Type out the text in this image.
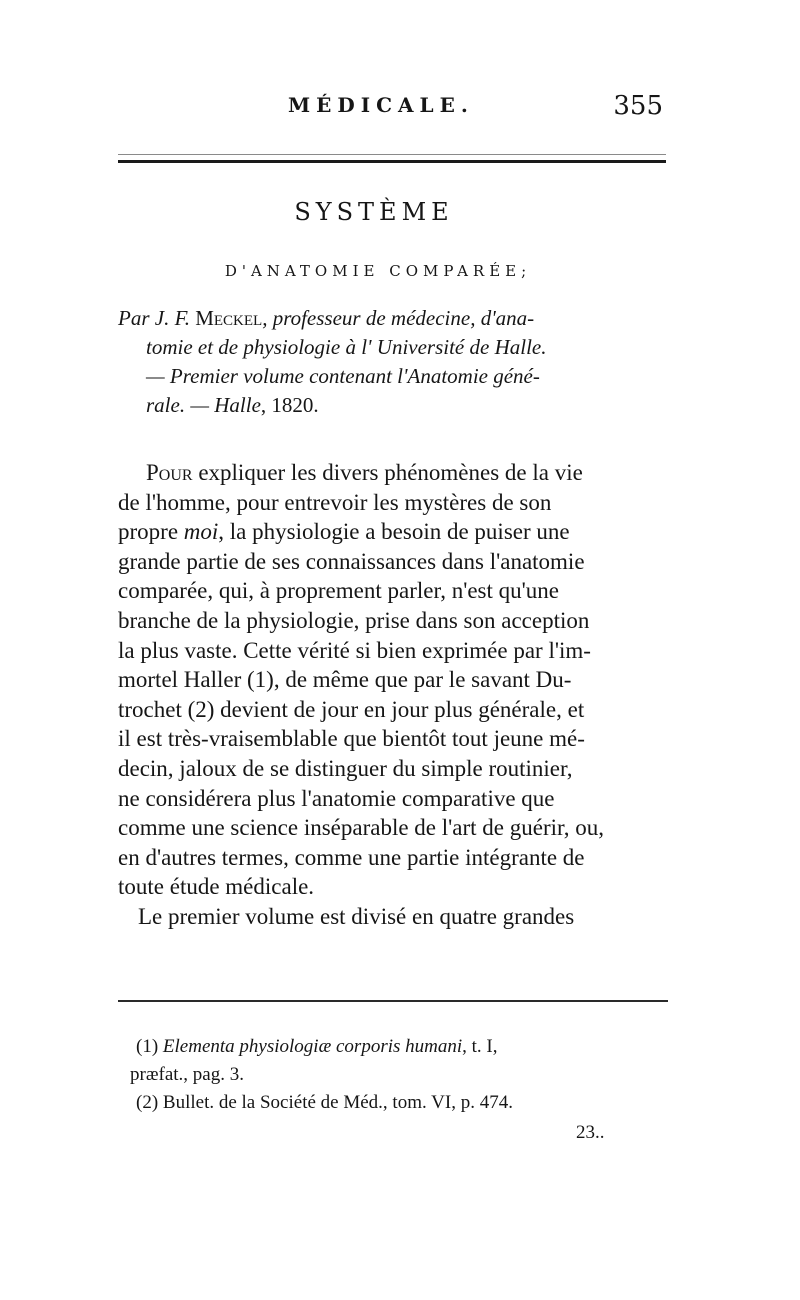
MÉDICALE.	355
SYSTÈME
D'ANATOMIE COMPARÉE;
Par J. F. Meckel, professeur de médecine, d'ana-
tomie et de physiologie à l' Université de Halle.
— Premier volume contenant l'Anatomie géné-
rale. — Halle, 1820.
Pour expliquer les divers phénomènes de la vie
de l'homme, pour entrevoir les mystères de son
propre moi, la physiologie a besoin de puiser une
grande partie de ses connaissances dans l'anatomie
comparée, qui, à proprement parler, n'est qu'une
branche de la physiologie, prise dans son acception
la plus vaste. Cette vérité si bien exprimée par l'im-
mortel Haller (1), de même que par le savant Du-
trochet (2) devient de jour en jour plus générale, et
il est très-vraisemblable que bientôt tout jeune mé-
decin, jaloux de se distinguer du simple routinier,
ne considérera plus l'anatomie comparative que
comme une science inséparable de l'art de guérir, ou,
en d'autres termes, comme une partie intégrante de
toute étude médicale.
Le premier volume est divisé en quatre grandes
(1) Elementa physiologiæ corporis humani, t. I,
præfat., pag. 3.
(2) Bullet. de la Société de Méd., tom. VI, p. 474.
23..
